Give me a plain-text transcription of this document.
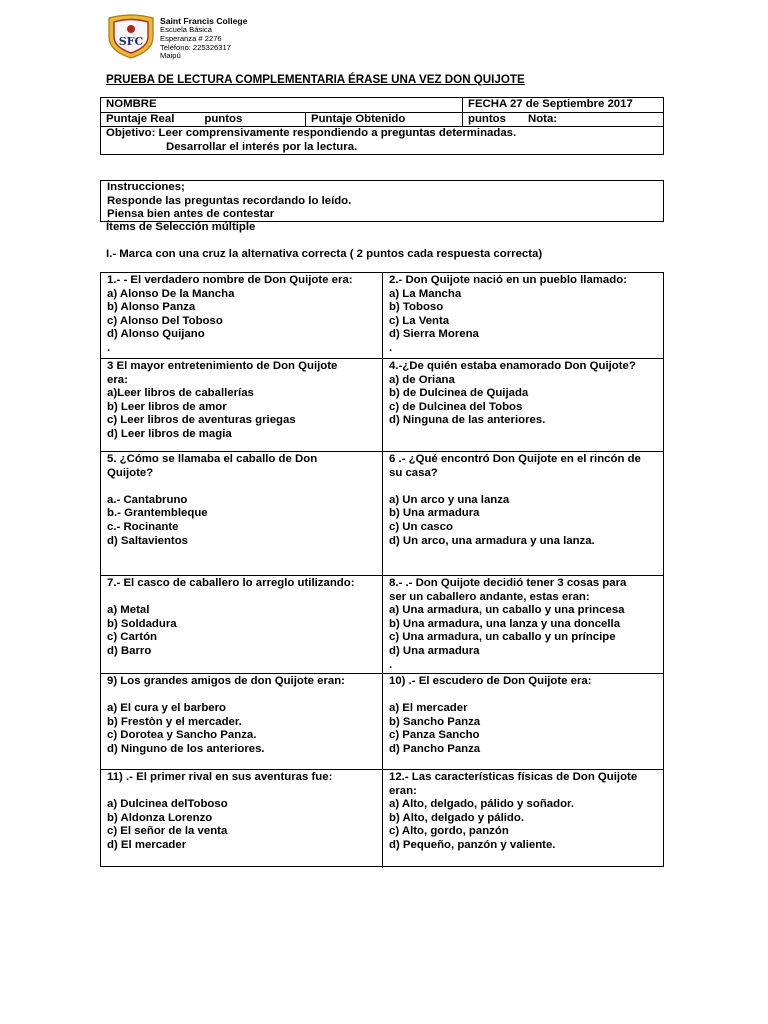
SFC
Saint Francis College
Escuela Básica
Esperanza # 2276
Teléfono: 225326317
Maipú
PRUEBA DE LECTURA COMPLEMENTARIA ÉRASE UNA VEZ DON QUIJOTE
NOMBRE	FECHA 27 de Septiembre 2017
Puntaje Real	puntos	Puntaje Obtenido	puntos Nota:
Objetivo: Leer comprensivamente respondiendo a preguntas determinadas.
Desarrollar el interés por la lectura.
Instrucciones;
Responde las preguntas recordando lo leído.
Piensa bien antes de contestar
Ítems de Selección múltiple
I.- Marca con una cruz la alternativa correcta ( 2 puntos cada respuesta correcta)
1.- - El verdadero nombre de Don Quijote era:
a) Alonso De la Mancha
b) Alonso Panza
c) Alonso Del Toboso
d) Alonso Quijano
.
2.- Don Quijote nació en un pueblo llamado:
a) La Mancha
b) Toboso
c) La Venta
d) Sierra Morena
.
3 El mayor entretenimiento de Don Quijote
era:
a)Leer libros de caballerías
b) Leer libros de amor
c) Leer libros de aventuras griegas
d) Leer libros de magia
4.-¿De quién estaba enamorado Don Quijote?
a) de Oriana
b) de Dulcinea de Quijada
c) de Dulcinea del Tobos
d) Ninguna de las anteriores.
5. ¿Cómo se llamaba el caballo de Don
Quijote?
a.- Cantabruno
b.- Grantembleque
c.- Rocinante
d) Saltavientos
6 .- ¿Qué encontró Don Quijote en el rincón de
su casa?
a) Un arco y una lanza
b) Una armadura
c) Un casco
d) Un arco, una armadura y una lanza.
7.- El casco de caballero lo arreglo utilizando:
a) Metal
b) Soldadura
c) Cartón
d) Barro
8.- .- Don Quijote decidió tener 3 cosas para
ser un caballero andante, estas eran:
a) Una armadura, un caballo y una princesa
b) Una armadura, una lanza y una doncella
c) Una armadura, un caballo y un príncipe
d) Una armadura
.
9) Los grandes amigos de don Quijote eran:
a) El cura y el barbero
b) Frestòn y el mercader.
c) Dorotea y Sancho Panza.
d) Ninguno de los anteriores.
10) .- El escudero de Don Quijote era:
a) El mercader
b) Sancho Panza
c) Panza Sancho
d) Pancho Panza
11) .- El primer rival en sus aventuras fue:
a) Dulcinea delToboso
b) Aldonza Lorenzo
c) El señor de la venta
d) El mercader
12.- Las características físicas de Don Quijote
eran:
a) Alto, delgado, pálido y soñador.
b) Alto, delgado y pálido.
c) Alto, gordo, panzón
d) Pequeño, panzón y valiente.
